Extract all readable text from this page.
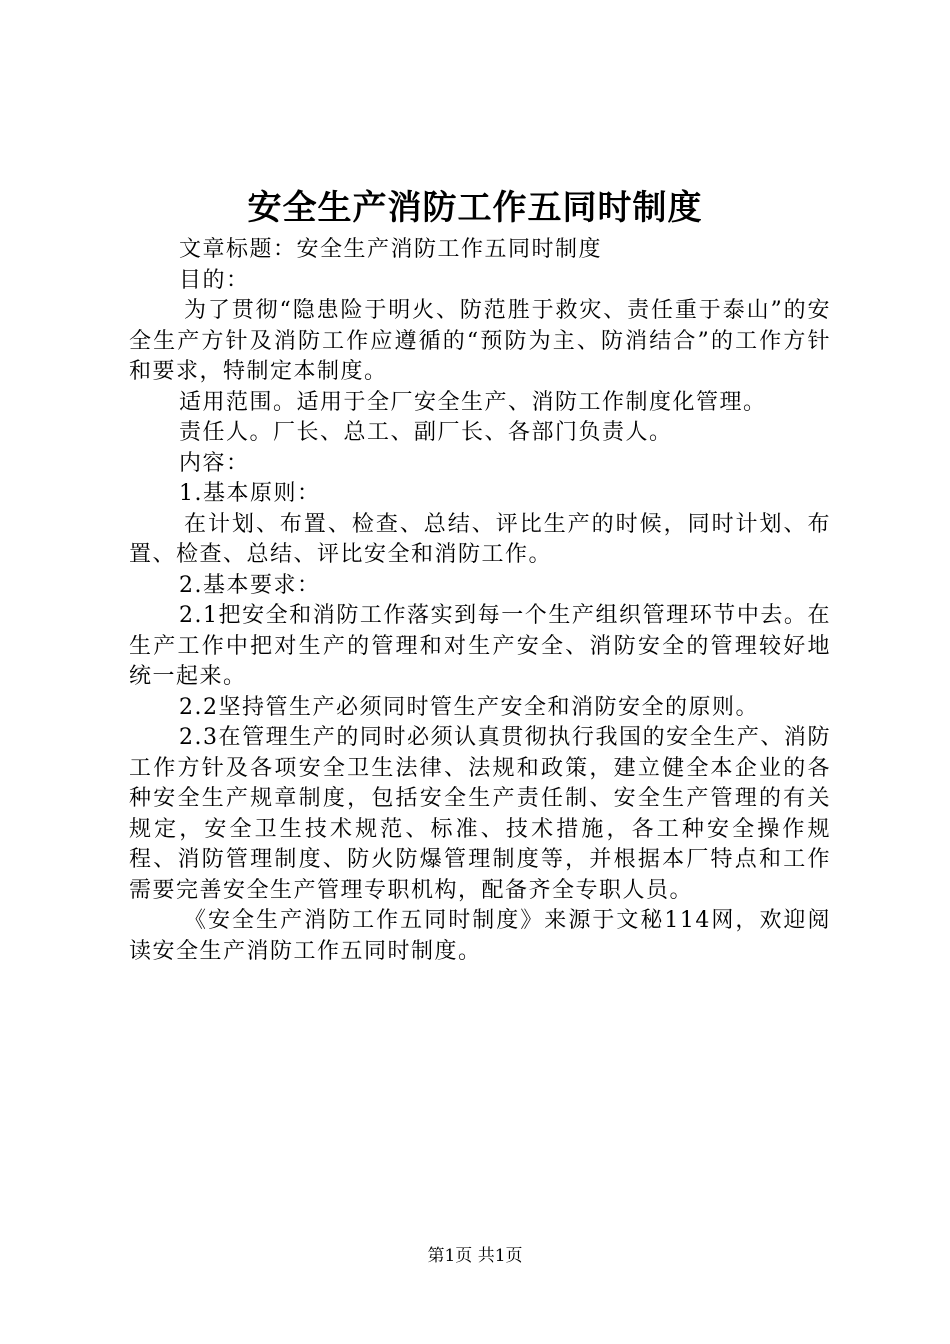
安全生产消防工作五同时制度

文章标题：安全生产消防工作五同时制度

目的：

为了贯彻“隐患险于明火、防范胜于救灾、责任重于泰山”的安全生产方针及消防工作应遵循的“预防为主、防消结合”的工作方针和要求，特制定本制度。

适用范围。适用于全厂安全生产、消防工作制度化管理。

责任人。厂长、总工、副厂长、各部门负责人。

内容：

1.基本原则：

在计划、布置、检查、总结、评比生产的时候，同时计划、布置、检查、总结、评比安全和消防工作。

2.基本要求：

2.1把安全和消防工作落实到每一个生产组织管理环节中去。在生产工作中把对生产的管理和对生产安全、消防安全的管理较好地统一起来。

2.2坚持管生产必须同时管生产安全和消防安全的原则。

2.3在管理生产的同时必须认真贯彻执行我国的安全生产、消防工作方针及各项安全卫生法律、法规和政策，建立健全本企业的各种安全生产规章制度，包括安全生产责任制、安全生产管理的有关规定，安全卫生技术规范、标准、技术措施，各工种安全操作规程、消防管理制度、防火防爆管理制度等，并根据本厂特点和工作需要完善安全生产管理专职机构，配备齐全专职人员。

《安全生产消防工作五同时制度》来源于文秘114网，欢迎阅读安全生产消防工作五同时制度。

第1页 共1页
